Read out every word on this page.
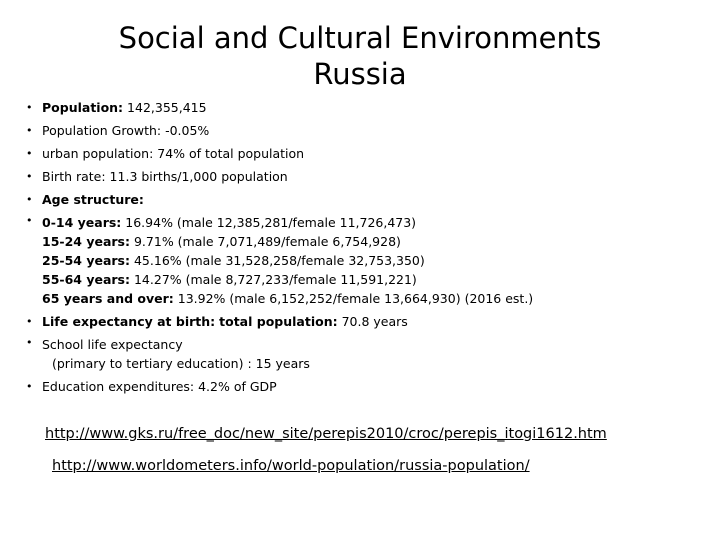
Social and Cultural Environments
Russia
• Population: 142,355,415
• Population Growth: -0.05%
• urban population: 74% of total population
• Birth rate: 11.3 births/1,000 population
• Age structure:
• 0-14 years: 16.94% (male 12,385,281/female 11,726,473)
15-24 years: 9.71% (male 7,071,489/female 6,754,928)
25-54 years: 45.16% (male 31,528,258/female 32,753,350)
55-64 years: 14.27% (male 8,727,233/female 11,591,221)
65 years and over: 13.92% (male 6,152,252/female 13,664,930) (2016 est.)
• Life expectancy at birth: total population: 70.8 years
• School life expectancy
(primary to tertiary education) : 15 years
• Education expenditures: 4.2% of GDP
http://www.gks.ru/free_doc/new_site/perepis2010/croc/perepis_itogi1612.htm
http://www.worldometers.info/world-population/russia-population/
